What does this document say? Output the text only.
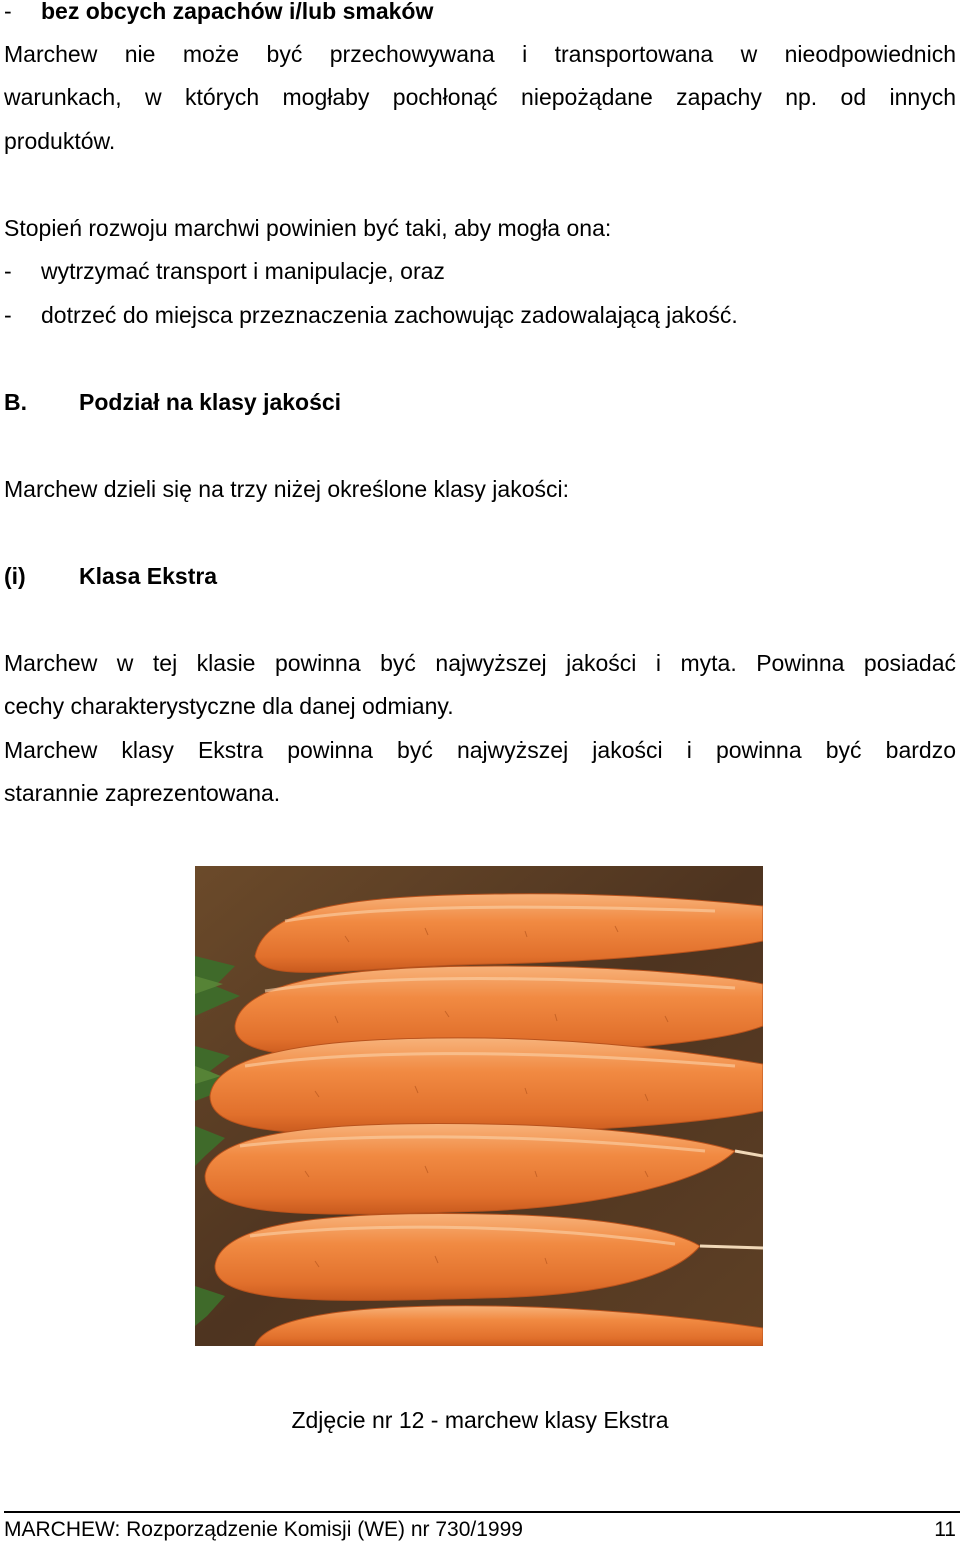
- bez obcych zapachów i/lub smaków
Marchew nie może być przechowywana i transportowana w nieodpowiednich
warunkach, w których mogłaby pochłonąć niepożądane zapachy np. od innych
produktów.
Stopień rozwoju marchwi powinien być taki, aby mogła ona:
- wytrzymać transport i manipulacje, oraz
- dotrzeć do miejsca przeznaczenia zachowując zadowalającą jakość.
B. Podział na klasy jakości
Marchew dzieli się na trzy niżej określone klasy jakości:
(i) Klasa Ekstra
Marchew w tej klasie powinna być najwyższej jakości i myta. Powinna posiadać
cechy charakterystyczne dla danej odmiany.
Marchew klasy Ekstra powinna być najwyższej jakości i powinna być bardzo
starannie zaprezentowana.
Zdjęcie nr 12 - marchew klasy Ekstra
MARCHEW: Rozporządzenie Komisji (WE) nr 730/1999	11
